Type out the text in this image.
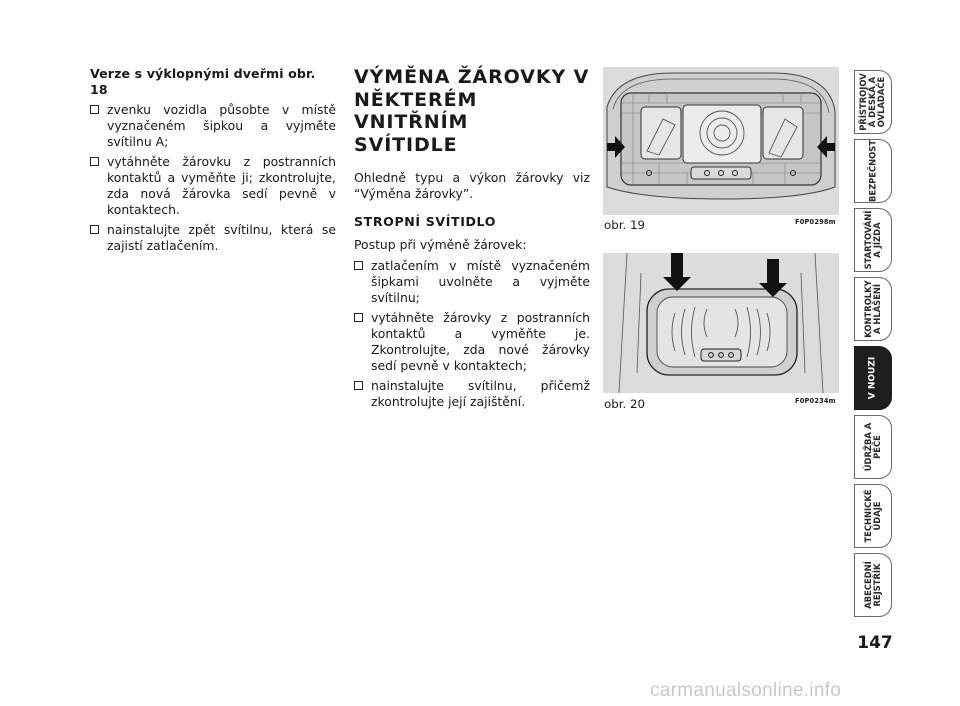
Verze s výklopnými dveřmi obr. 18
zvenku vozidla působte v místě vyznačeném šipkou a vyjměte svítilnu A;
vytáhněte žárovku z postranních kontaktů a vyměňte ji; zkontrolujte, zda nová žárovka sedí pevně v kontaktech.
nainstalujte zpět svítilnu, která se zajistí zatlačením.
VÝMĚNA ŽÁROVKY V
NĚKTERÉM VNITŘNÍM
SVÍTIDLE
Ohledně typu a výkon žárovky viz “Výměna žárovky”.
STROPNÍ SVÍTIDLO
Postup při výměně žárovek:
zatlačením v místě vyznačeném šipkami uvolněte a vyjměte svítilnu;
vytáhněte žárovky z postranních kontaktů a vyměňte je. Zkontrolujte, zda nové žárovky sedí pevně v kontaktech;
nainstalujte svítilnu, přičemž zkontrolujte její zajištění.
obr. 19	F0P0298m
obr. 20	F0P0234m
PŘÍSTROJOV
Á DESKA A
OVLADAČE
BEZPEČNOST
STARTOVÁNÍ
A JÍZDA
KONTROLKY
A HLÁŠENÍ
V NOUZI
ÚDRŽBA A
PÉČE
TECHNICKÉ
ÚDAJE
ABECEDNÍ
REJSTŘÍK
147
carmanualsonline.info
